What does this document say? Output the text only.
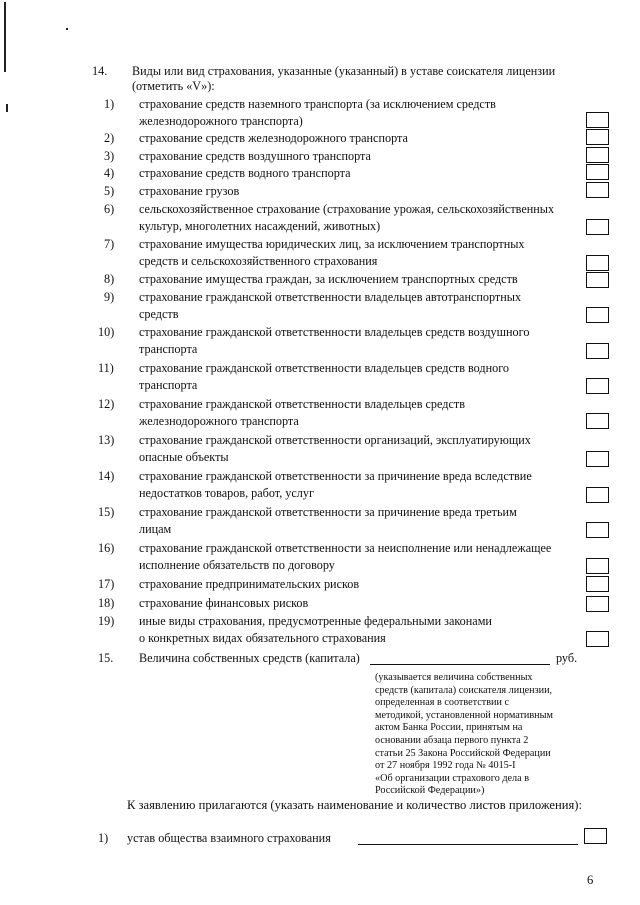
14. Виды или вид страхования, указанные (указанный) в уставе соискателя лицензии
(отметить «V»):
1) страхование средств наземного транспорта (за исключением средств
железнодорожного транспорта)
2) страхование средств железнодорожного транспорта
3) страхование средств воздушного транспорта
4) страхование средств водного транспорта
5) страхование грузов
6) сельскохозяйственное страхование (страхование урожая, сельскохозяйственных
культур, многолетних насаждений, животных)
7) страхование имущества юридических лиц, за исключением транспортных
средств и сельскохозяйственного страхования
8) страхование имущества граждан, за исключением транспортных средств
9) страхование гражданской ответственности владельцев автотранспортных
средств
10) страхование гражданской ответственности владельцев средств воздушного
транспорта
11) страхование гражданской ответственности владельцев средств водного
транспорта
12) страхование гражданской ответственности владельцев средств
железнодорожного транспорта
13) страхование гражданской ответственности организаций, эксплуатирующих
опасные объекты
14) страхование гражданской ответственности за причинение вреда вследствие
недостатков товаров, работ, услуг
15) страхование гражданской ответственности за причинение вреда третьим
лицам
16) страхование гражданской ответственности за неисполнение или ненадлежащее
исполнение обязательств по договору
17) страхование предпринимательских рисков
18) страхование финансовых рисков
19) иные виды страхования, предусмотренные федеральными законами
о конкретных видах обязательного страхования
15. Величина собственных средств (капитала)	руб.
(указывается величина собственных
средств (капитала) соискателя лицензии,
определенная в соответствии с
методикой, установленной нормативным
актом Банка России, принятым на
основании абзаца первого пункта 2
статьи 25 Закона Российской Федерации
от 27 ноября 1992 года № 4015-I
«Об организации страхового дела в
Российской Федерации»)
К заявлению прилагаются (указать наименование и количество листов приложения):
1) устав общества взаимного страхования
6
